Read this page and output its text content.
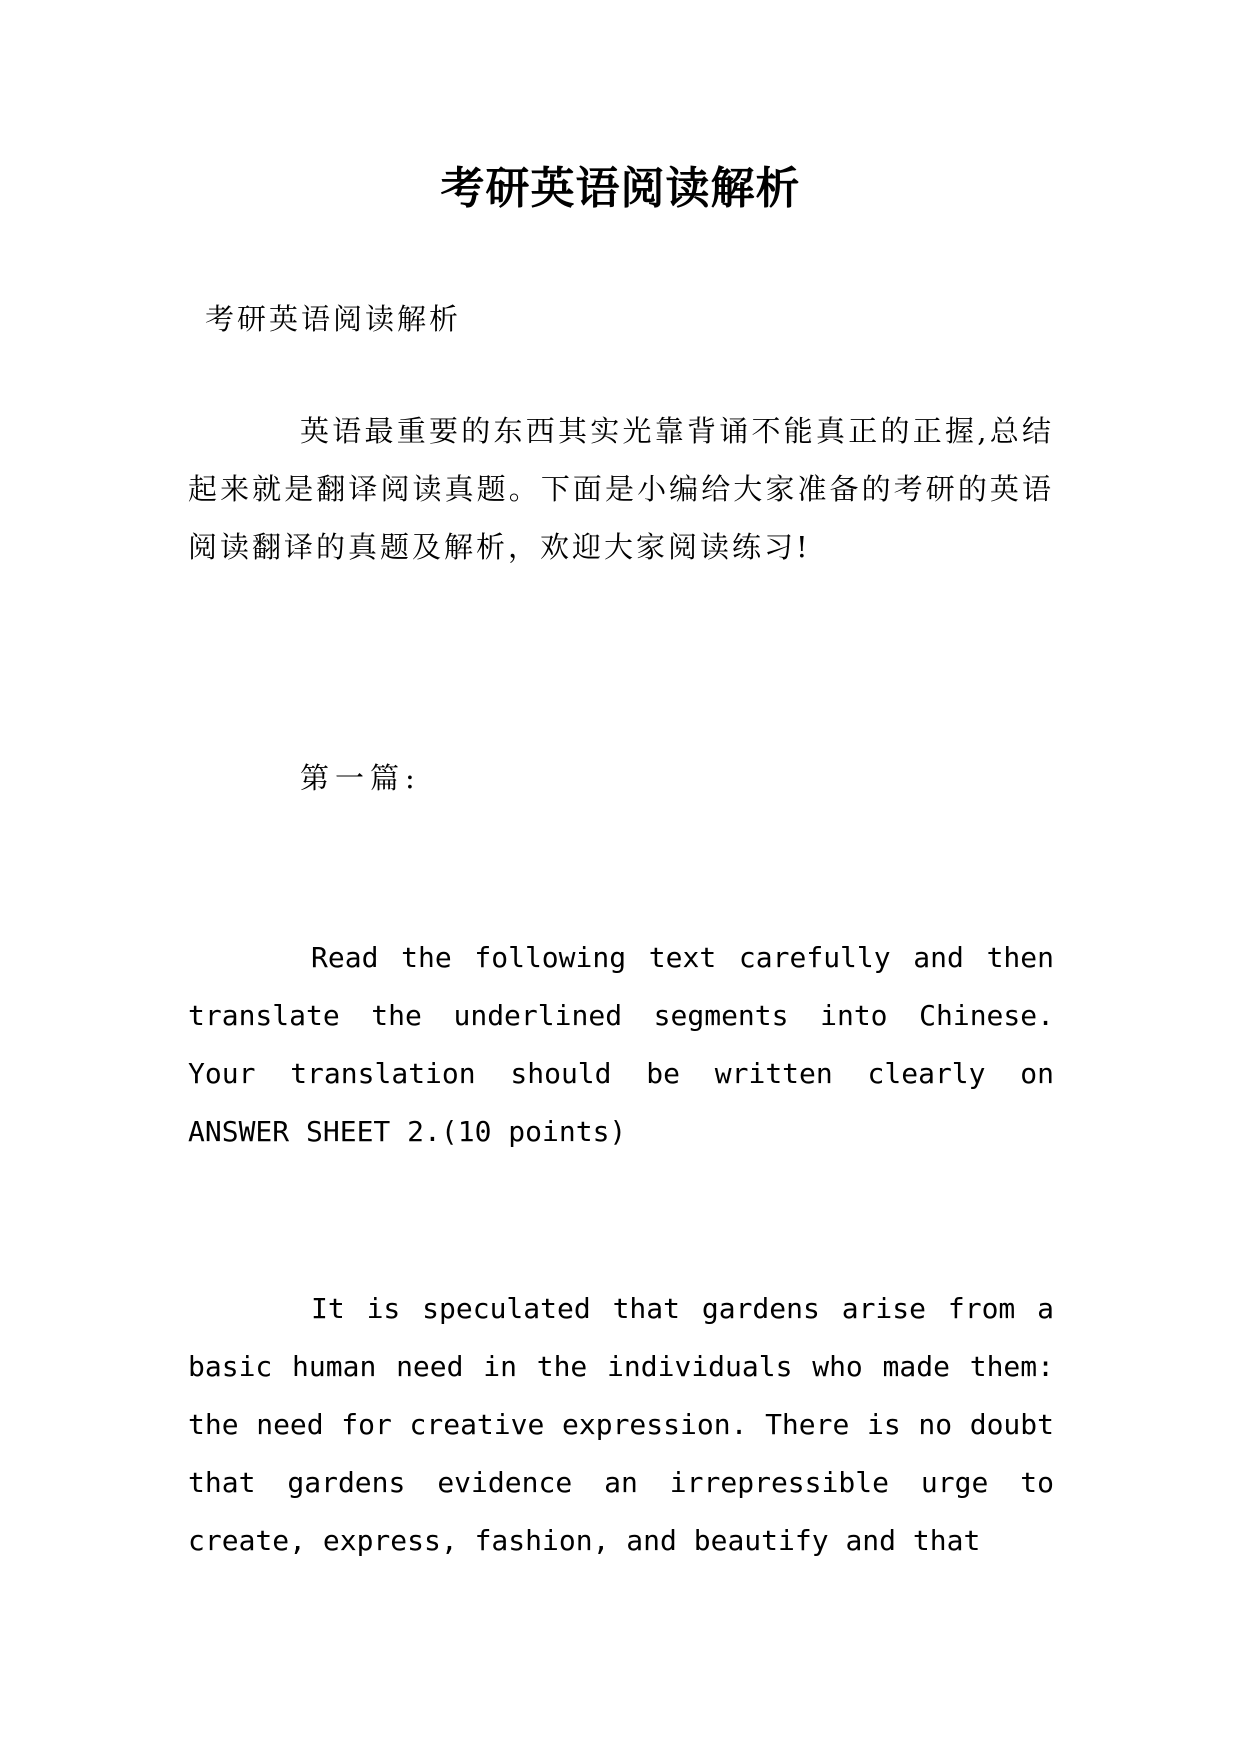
考研英语阅读解析
考研英语阅读解析

英语最重要的东西其实光靠背诵不能真正的正握,总结起来就是翻译阅读真题。下面是小编给大家准备的考研的英语阅读翻译的真题及解析，欢迎大家阅读练习!

第一篇:

Read the following text carefully and then translate the underlined segments into Chinese. Your translation should be written clearly on ANSWER SHEET 2.(10 points)

It is speculated that gardens arise from a basic human need in the individuals who made them: the need for creative expression. There is no doubt that gardens evidence an irrepressible urge to create, express, fashion, and beautify and that
